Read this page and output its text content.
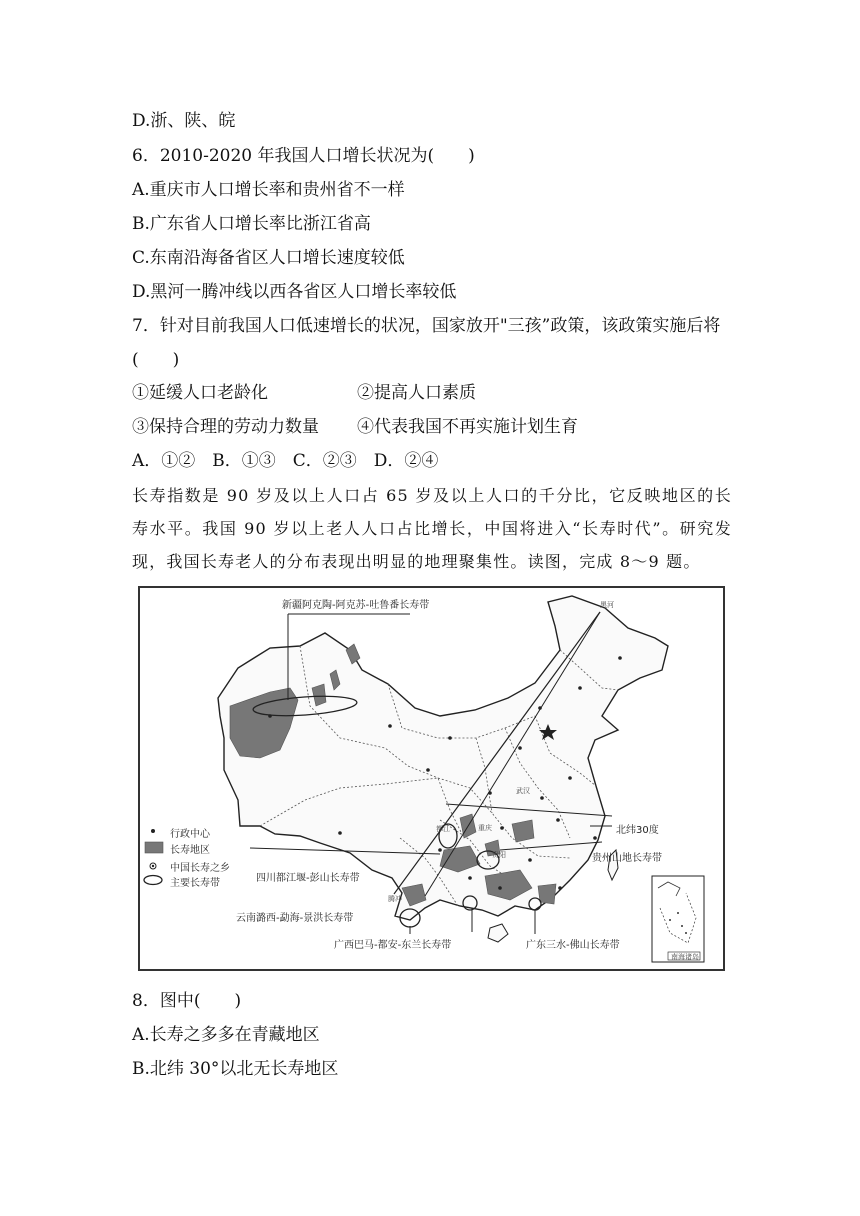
D.浙、陕、皖
6．2010-2020 年我国人口增长状况为(　　)
A.重庆市人口增长率和贵州省不一样
B.广东省人口增长率比浙江省高
C.东南沿海备省区人口增长速度较低
D.黑河一腾冲线以西各省区人口增长率较低
7．针对目前我国人口低速增长的状况，国家放开"三孩”政策，该政策实施后将
(　　)
①延缓人口老龄化	②提高人口素质
③保持合理的劳动力数量 ④代表我国不再实施计划生育
A．①②　B．①③　C．②③　D．②④
长寿指数是 90 岁及以上人口占 65 岁及以上人口的千分比，它反映地区的长寿水平。我国 90 岁以上老人人口占比增长，中国将进入“长寿时代”。研究发现，我国长寿老人的分布表现出明显的地理聚集性。读图，完成 8～9 题。
新疆阿克陶-阿克苏-吐鲁番长寿带
北纬30度
贵州山地长寿带
四川都江堰-彭山长寿带
云南潞西-勐海-景洪长寿带
广西巴马-都安-东兰长寿带	广东三水-佛山长寿带
黑河
都江	重庆
贵阳
武汉
腾冲
南海诸岛
行政中心
长寿地区
中国长寿之乡
主要长寿带
8．图中(　　)
A.长寿之多多在青藏地区
B.北纬 30°以北无长寿地区
